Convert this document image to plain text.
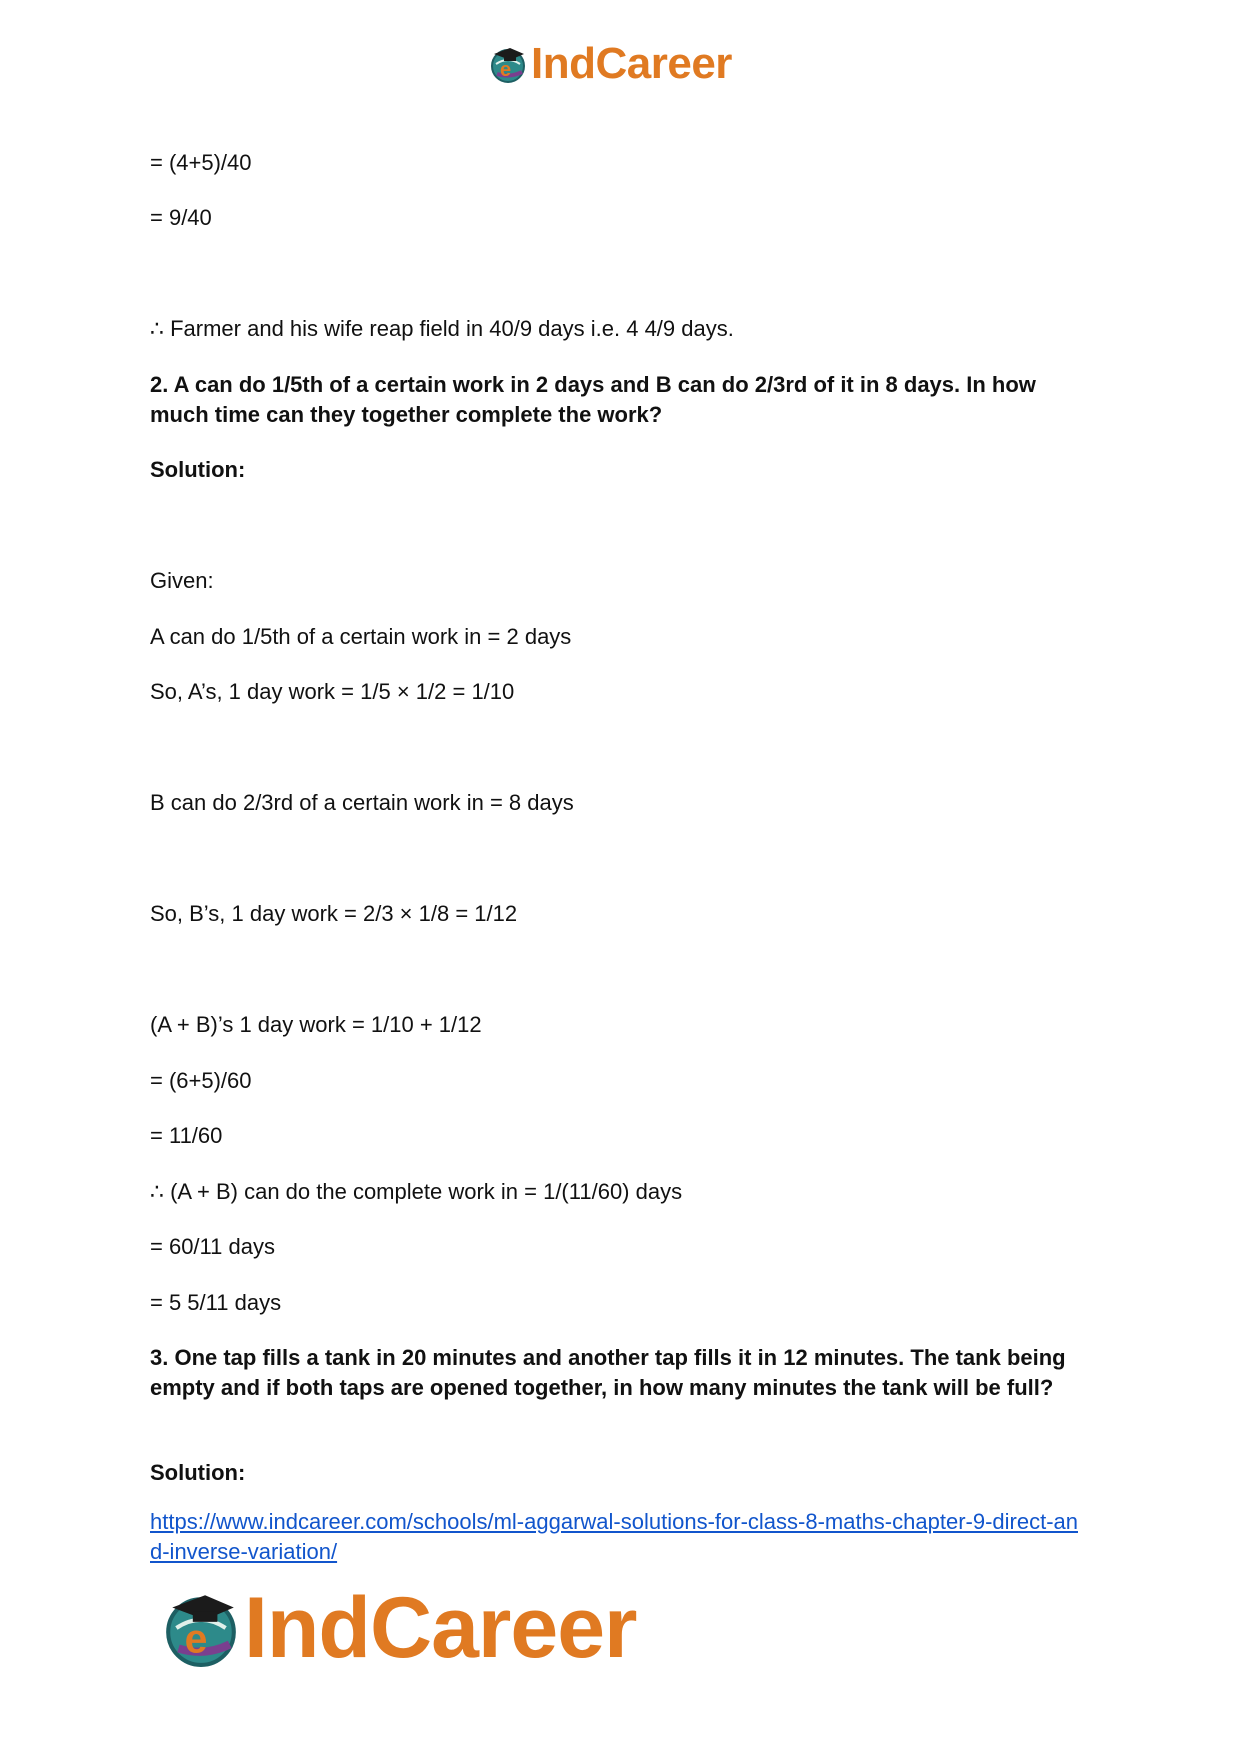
e IndCareer
= (4+5)/40
= 9/40
∴ Farmer and his wife reap field in 40/9 days i.e. 4 4/9 days.
2. A can do 1/5th of a certain work in 2 days and B can do 2/3rd of it in 8 days. In how much time can they together complete the work?
Solution:
Given:
A can do 1/5th of a certain work in = 2 days
So, A’s, 1 day work = 1/5 × 1/2 = 1/10
B can do 2/3rd of a certain work in = 8 days
So, B’s, 1 day work = 2/3 × 1/8 = 1/12
(A + B)’s 1 day work = 1/10 + 1/12
= (6+5)/60
= 11/60
∴ (A + B) can do the complete work in = 1/(11/60) days
= 60/11 days
= 5 5/11 days
3. One tap fills a tank in 20 minutes and another tap fills it in 12 minutes. The tank being empty and if both taps are opened together, in how many minutes the tank will be full?
Solution:
https://www.indcareer.com/schools/ml-aggarwal-solutions-for-class-8-maths-chapter-9-direct-and-inverse-variation/
e IndCareer
